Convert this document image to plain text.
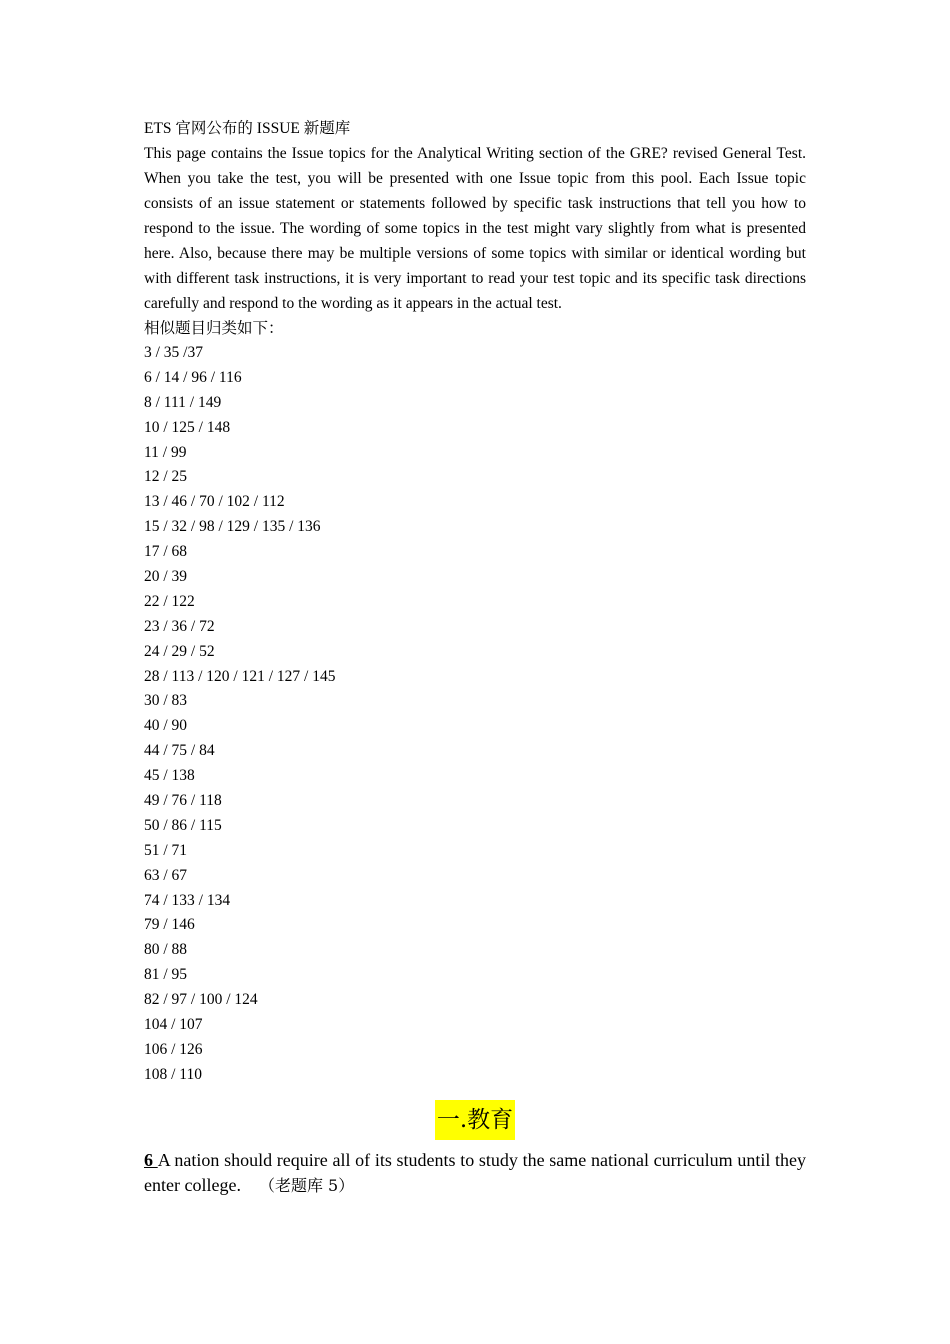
ETS 官网公布的 ISSUE 新题库
This page contains the Issue topics for the Analytical Writing section of the GRE? revised General Test. When you take the test, you will be presented with one Issue topic from this pool. Each Issue topic consists of an issue statement or statements followed by specific task instructions that tell you how to respond to the issue. The wording of some topics in the test might vary slightly from what is presented here. Also, because there may be multiple versions of some topics with similar or identical wording but with different task instructions, it is very important to read your test topic and its specific task directions carefully and respond to the wording as it appears in the actual test.
相似题目归类如下：
3 / 35 /37
6 / 14 / 96 / 116
8 / 111 / 149
10 / 125 / 148
11 / 99
12 / 25
13 / 46 / 70 / 102 / 112
15 / 32 / 98 / 129 / 135 / 136
17 / 68
20 / 39
22 / 122
23 / 36 / 72
24 / 29 / 52
28 / 113 / 120 / 121 / 127 / 145
30 / 83
40 / 90
44 / 75 / 84
45 / 138
49 / 76 / 118
50 / 86 / 115
51 / 71
63 / 67
74 / 133 / 134
79 / 146
80 / 88
81 / 95
82 / 97 / 100 / 124
104 / 107
106 / 126
108 / 110
一.教育
6 A nation should require all of its students to study the same national curriculum until they enter college. （老题库 5）
